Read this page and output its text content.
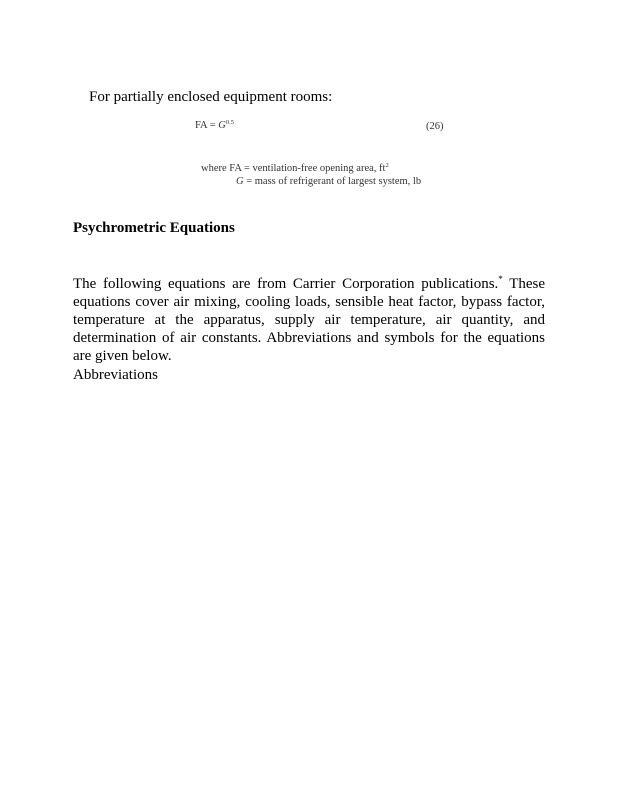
For partially enclosed equipment rooms:
FA = $G^{0.5}$	(26)
where FA = ventilation-free opening area, $ft^2$
G = mass of refrigerant of largest system, lb
Psychrometric Equations
The following equations are from Carrier Corporation publications.* These equations cover air mixing, cooling loads, sensible heat factor, bypass factor, temperature at the apparatus, supply air temperature, air quantity, and determination of air constants. Abbreviations and symbols for the equations are given below.
Abbreviations
